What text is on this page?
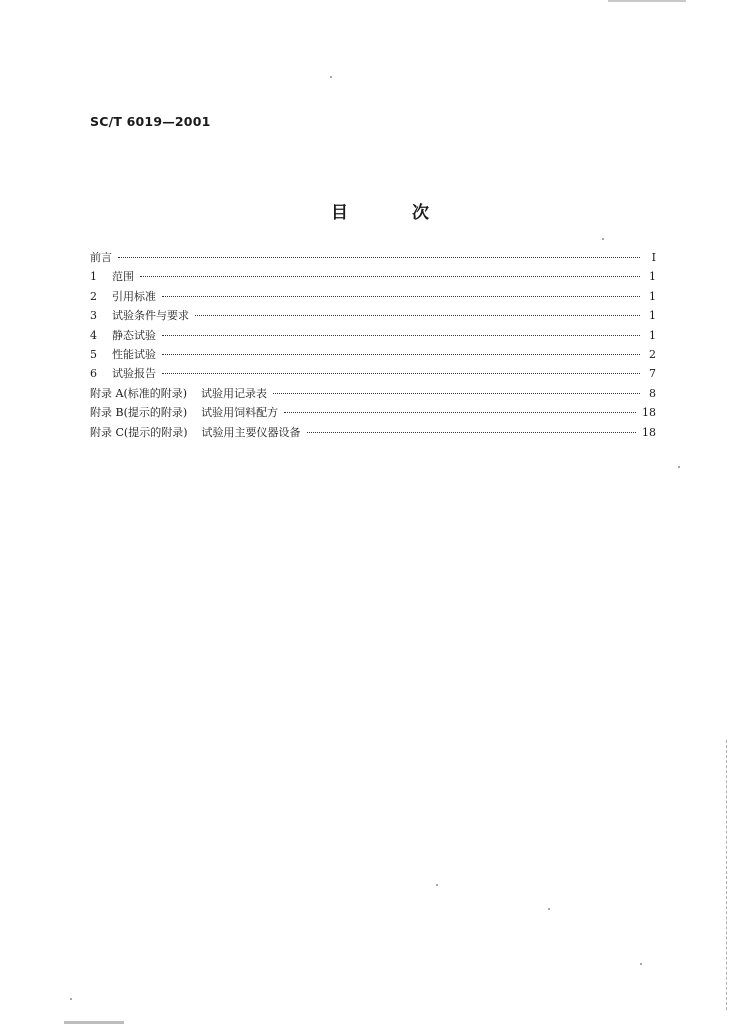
SC/T 6019—2001
目 次
前言	I
1	范围	1
2	引用标准	1
3	试验条件与要求	1
4	静态试验	1
5	性能试验	2
6	试验报告	7
附录 A(标准的附录) 试验用记录表	8
附录 B(提示的附录) 试验用饲料配方	18
附录 C(提示的附录) 试验用主要仪器设备	18
